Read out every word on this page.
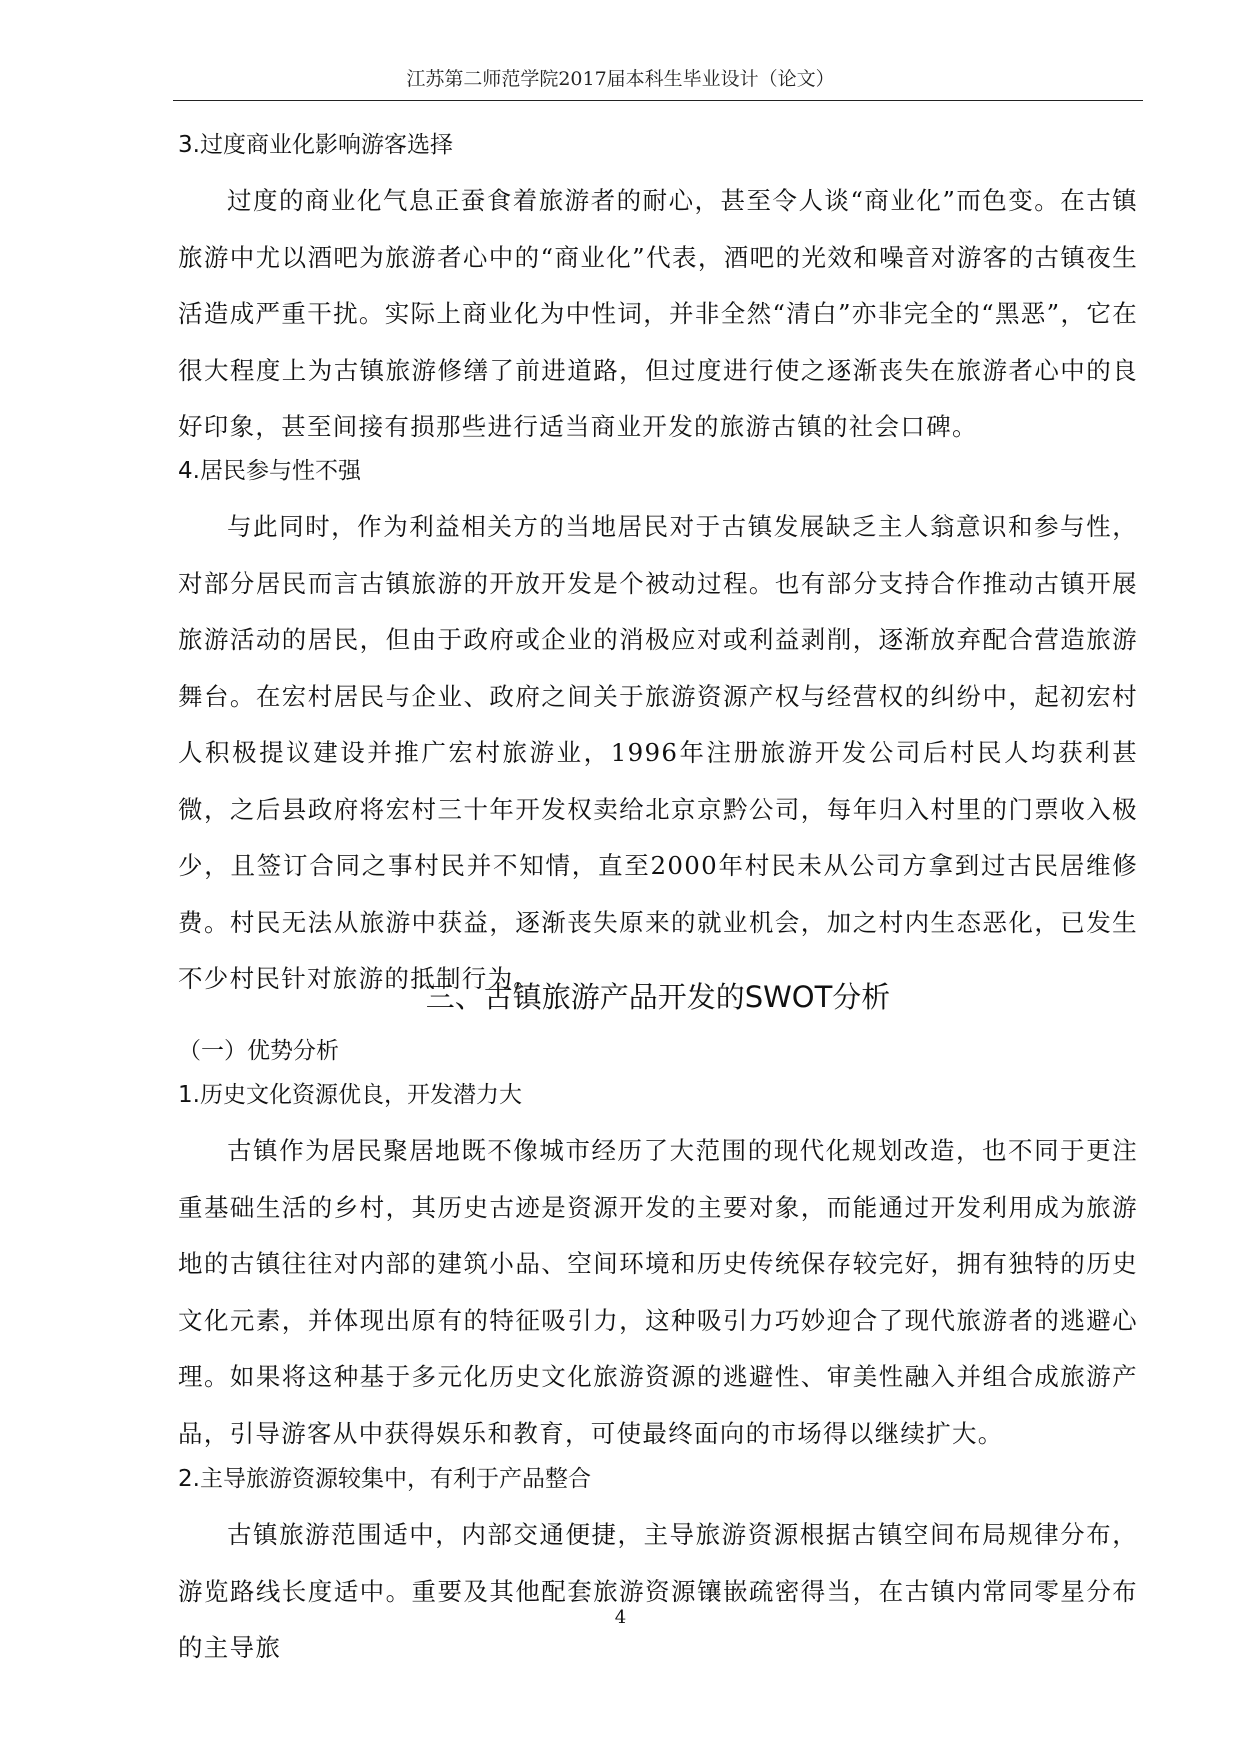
江苏第二师范学院2017届本科生毕业设计（论文）
3.过度商业化影响游客选择

过度的商业化气息正蚕食着旅游者的耐心，甚至令人谈“商业化”而色变。在古镇旅游中尤以酒吧为旅游者心中的“商业化”代表，酒吧的光效和噪音对游客的古镇夜生活造成严重干扰。实际上商业化为中性词，并非全然“清白”亦非完全的“黑恶”，它在很大程度上为古镇旅游修缮了前进道路，但过度进行使之逐渐丧失在旅游者心中的良好印象，甚至间接有损那些进行适当商业开发的旅游古镇的社会口碑。

4.居民参与性不强

与此同时，作为利益相关方的当地居民对于古镇发展缺乏主人翁意识和参与性，对部分居民而言古镇旅游的开放开发是个被动过程。也有部分支持合作推动古镇开展旅游活动的居民，但由于政府或企业的消极应对或利益剥削，逐渐放弃配合营造旅游舞台。在宏村居民与企业、政府之间关于旅游资源产权与经营权的纠纷中，起初宏村人积极提议建设并推广宏村旅游业，1996年注册旅游开发公司后村民人均获利甚微，之后县政府将宏村三十年开发权卖给北京京黔公司，每年归入村里的门票收入极少，且签订合同之事村民并不知情，直至2000年村民未从公司方拿到过古民居维修费。村民无法从旅游中获益，逐渐丧失原来的就业机会，加之村内生态恶化，已发生不少村民针对旅游的抵制行为。

三、古镇旅游产品开发的SWOT分析
（一）优势分析
1.历史文化资源优良，开发潜力大

古镇作为居民聚居地既不像城市经历了大范围的现代化规划改造，也不同于更注重基础生活的乡村，其历史古迹是资源开发的主要对象，而能通过开发利用成为旅游地的古镇往往对内部的建筑小品、空间环境和历史传统保存较完好，拥有独特的历史文化元素，并体现出原有的特征吸引力，这种吸引力巧妙迎合了现代旅游者的逃避心理。如果将这种基于多元化历史文化旅游资源的逃避性、审美性融入并组合成旅游产品，引导游客从中获得娱乐和教育，可使最终面向的市场得以继续扩大。

2.主导旅游资源较集中，有利于产品整合

古镇旅游范围适中，内部交通便捷，主导旅游资源根据古镇空间布局规律分布，游览路线长度适中。重要及其他配套旅游资源镶嵌疏密得当，在古镇内常同零星分布的主导旅

4
